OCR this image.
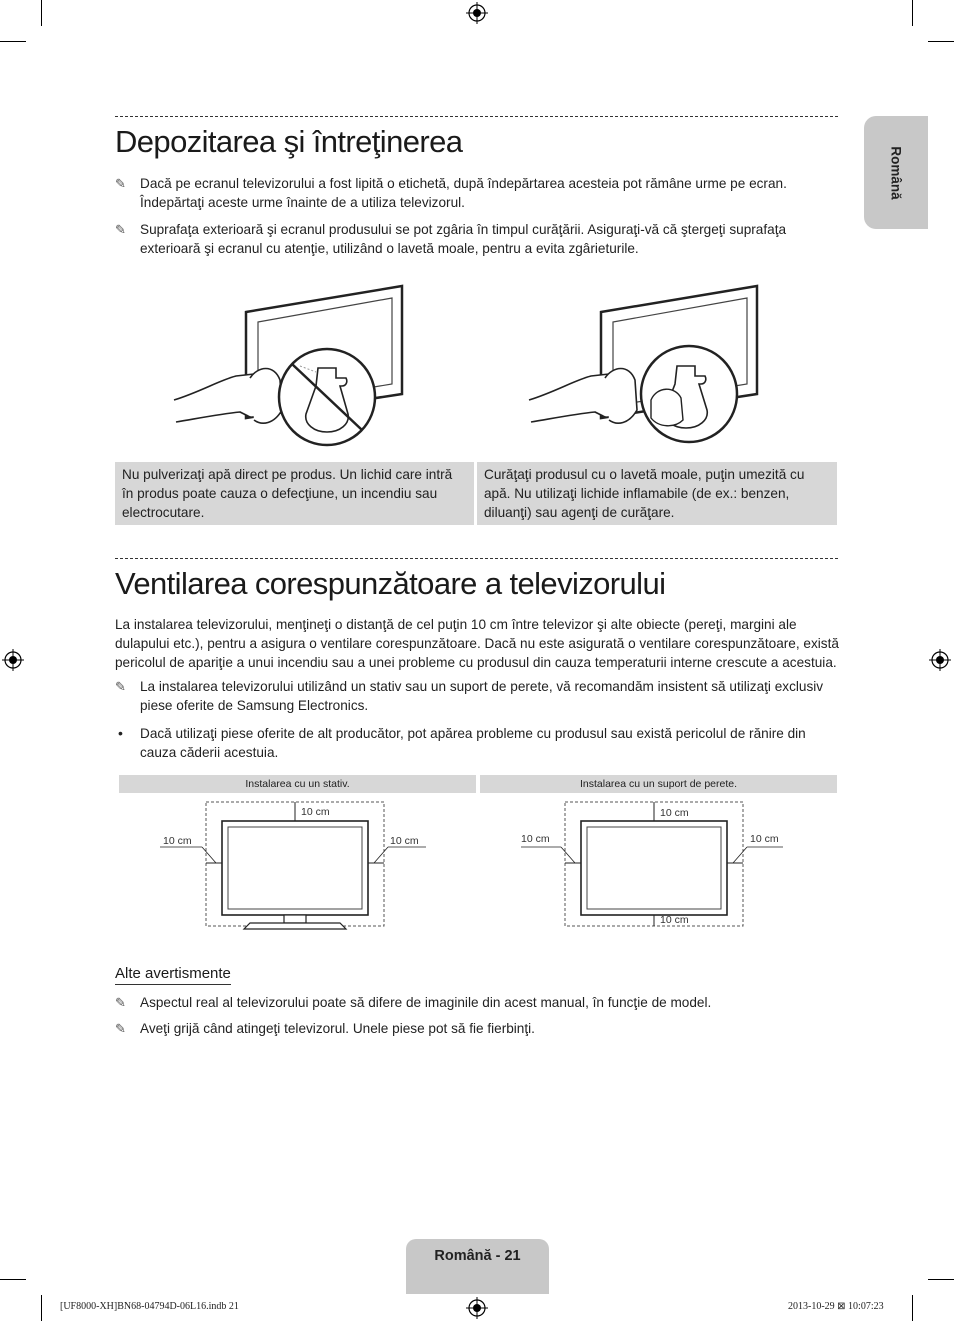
Română
Depozitarea şi întreţinerea
✎	Dacă pe ecranul televizorului a fost lipită o etichetă, după îndepărtarea acesteia pot rămâne urme pe ecran. Îndepărtaţi aceste urme înainte de a utiliza televizorul.
✎	Suprafaţa exterioară şi ecranul produsului se pot zgâria în timpul curăţării. Asiguraţi-vă că ştergeţi suprafaţa exterioară şi ecranul cu atenţie, utilizând o lavetă moale, pentru a evita zgârieturile.
Nu pulverizaţi apă direct pe produs. Un lichid care intră în produs poate cauza o defecţiune, un incendiu sau electrocutare.
Curăţaţi produsul cu o lavetă moale, puţin umezită cu apă. Nu utilizaţi lichide inflamabile (de ex.: benzen, diluanţi) sau agenţi de curăţare.
Ventilarea corespunzătoare a televizorului
La instalarea televizorului, menţineţi o distanţă de cel puţin 10 cm între televizor şi alte obiecte (pereţi, margini ale dulapului etc.), pentru a asigura o ventilare corespunzătoare. Dacă nu este asigurată o ventilare corespunzătoare, există pericolul de apariţie a unui incendiu sau a unei probleme cu produsul din cauza temperaturii interne crescute a acestuia.
✎	La instalarea televizorului utilizând un stativ sau un suport de perete, vă recomandăm insistent să utilizaţi exclusiv piese oferite de Samsung Electronics.
•	Dacă utilizaţi piese oferite de alt producător, pot apărea probleme cu produsul sau există pericolul de rănire din cauza căderii acestuia.
Instalarea cu un stativ.	Instalarea cu un suport de perete.
10 cm
10 cm	10 cm
10 cm
10 cm	10 cm
10 cm
Alte avertismente
✎	Aspectul real al televizorului poate să difere de imaginile din acest manual, în funcţie de model.
✎	Aveţi grijă când atingeţi televizorul. Unele piese pot să fie fierbinţi.
Română - 21
[UF8000-XH]BN68-04794D-06L16.indb 21	2013-10-29 ⊠ 10:07:23
